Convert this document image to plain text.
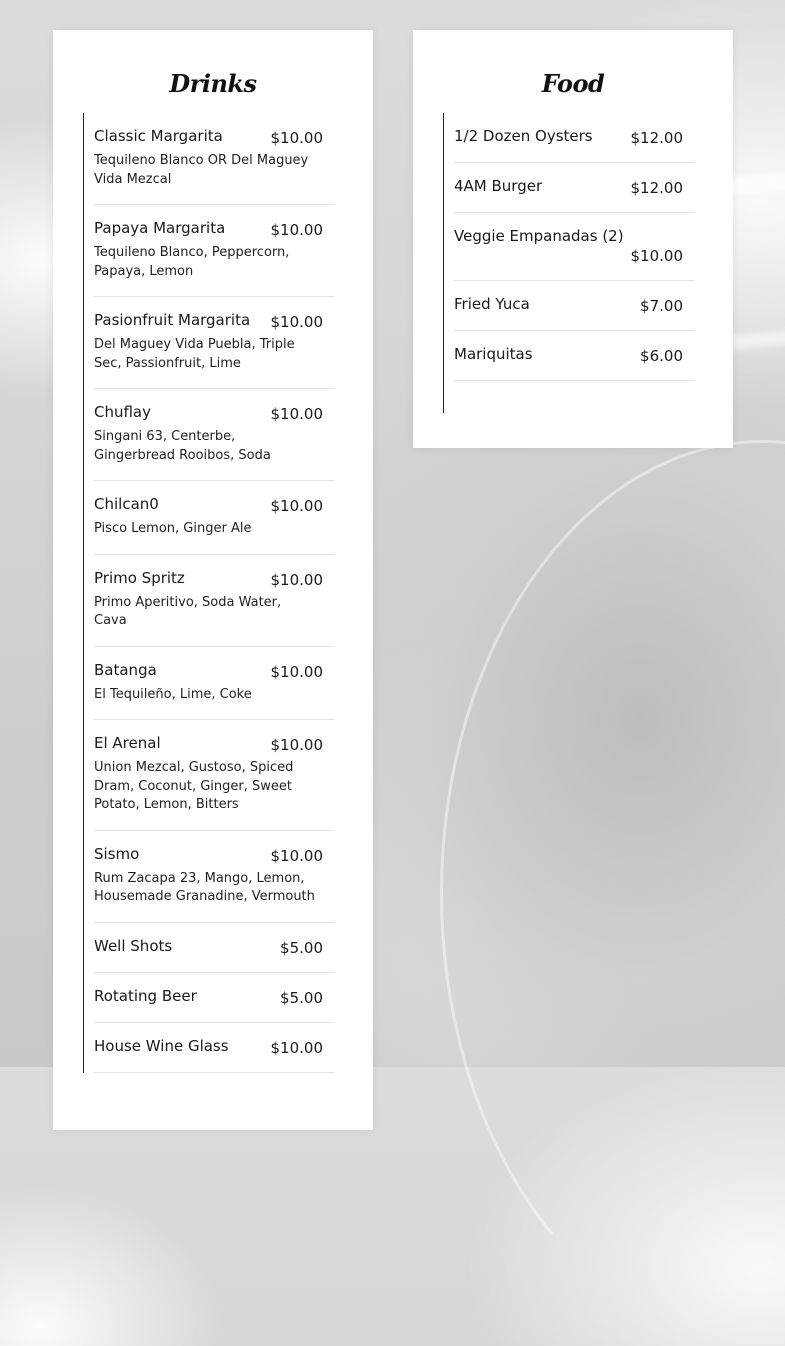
Drinks
Classic Margarita	$10.00
Tequileno Blanco OR Del Maguey Vida Mezcal
Papaya Margarita	$10.00
Tequileno Blanco, Peppercorn, Papaya, Lemon
Pasionfruit Margarita $10.00
Del Maguey Vida Puebla, Triple Sec, Passionfruit, Lime
Chuflay	$10.00
Singani 63, Centerbe, Gingerbread Rooibos, Soda
Chilcan0	$10.00
Pisco Lemon, Ginger Ale
Primo Spritz	$10.00
Primo Aperitivo, Soda Water, Cava
Batanga	$10.00
El Tequileño, Lime, Coke
El Arenal	$10.00
Union Mezcal, Gustoso, Spiced Dram, Coconut, Ginger, Sweet Potato, Lemon, Bitters
Sismo	$10.00
Rum Zacapa 23, Mango, Lemon, Housemade Granadine, Vermouth
Well Shots	$5.00
Rotating Beer	$5.00
House Wine Glass	$10.00
Food
1/2 Dozen Oysters	$12.00
4AM Burger	$12.00
Veggie Empanadas (2)
$10.00
Fried Yuca	$7.00
Mariquitas	$6.00
